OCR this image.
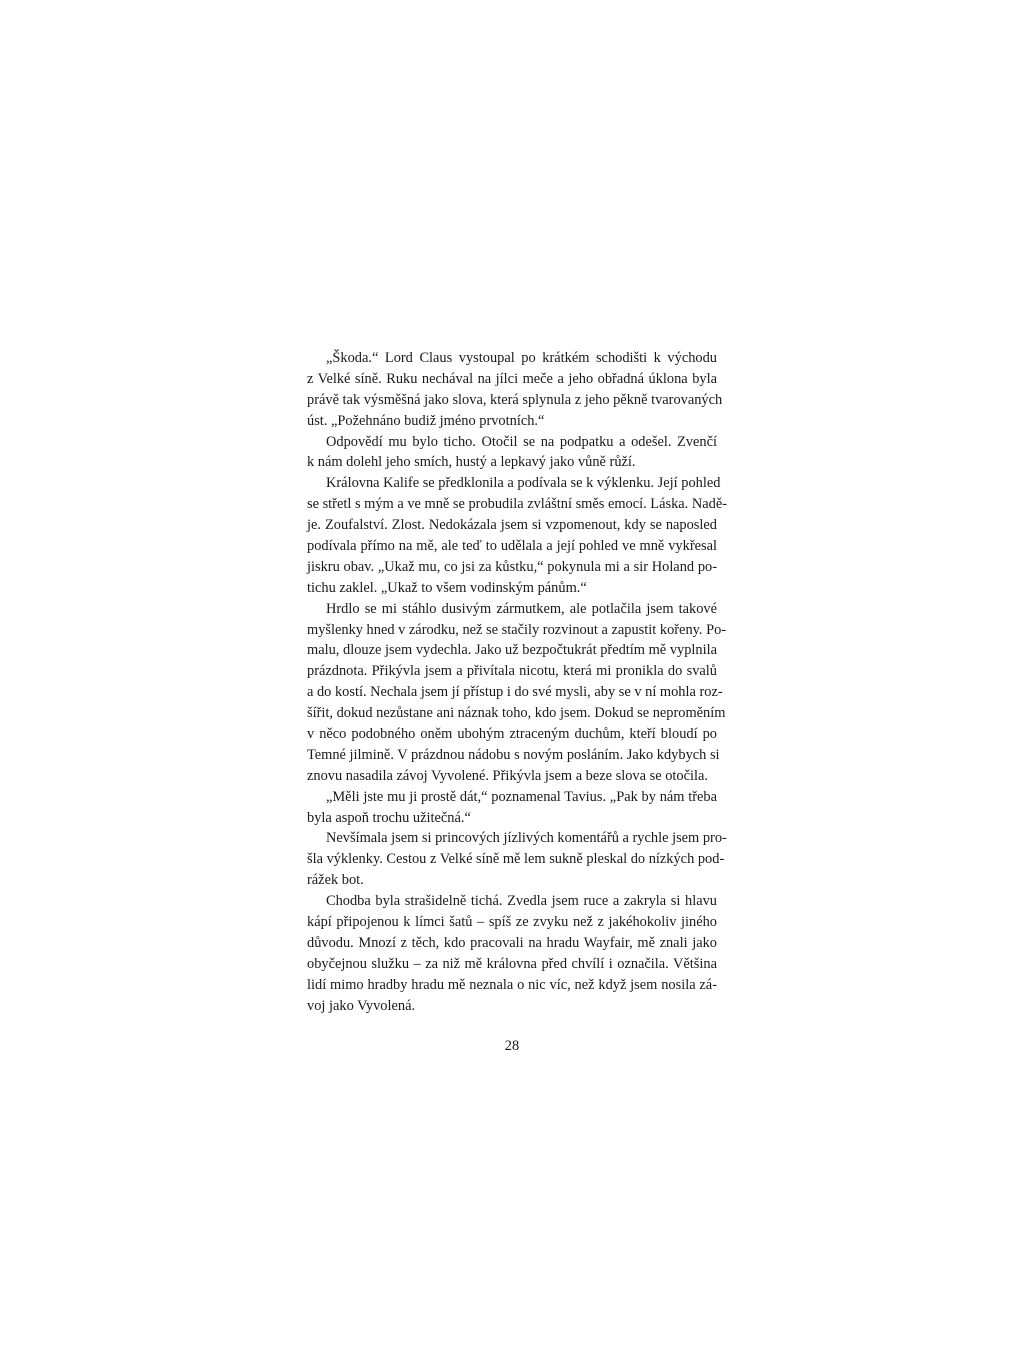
„Škoda.“ Lord Claus vystoupal po krátkém schodišti k východu
z Velké síně. Ruku nechával na jílci meče a jeho obřadná úklona byla
právě tak výsměšná jako slova, která splynula z jeho pěkně tvarovaných
úst. „Požehnáno budiž jméno prvotních.“
Odpovědí mu bylo ticho. Otočil se na podpatku a odešel. Zvenčí
k nám dolehl jeho smích, hustý a lepkavý jako vůně růží.
Královna Kalife se předklonila a podívala se k výklenku. Její pohled
se střetl s mým a ve mně se probudila zvláštní směs emocí. Láska. Nadě-
je. Zoufalství. Zlost. Nedokázala jsem si vzpomenout, kdy se naposled
podívala přímo na mě, ale teď to udělala a její pohled ve mně vykřesal
jiskru obav. „Ukaž mu, co jsi za kůstku,“ pokynula mi a sir Holand po-
tichu zaklel. „Ukaž to všem vodinským pánům.“
Hrdlo se mi stáhlo dusivým zármutkem, ale potlačila jsem takové
myšlenky hned v zárodku, než se stačily rozvinout a zapustit kořeny. Po-
malu, dlouze jsem vydechla. Jako už bezpočtukrát předtím mě vyplnila
prázdnota. Přikývla jsem a přivítala nicotu, která mi pronikla do svalů
a do kostí. Nechala jsem jí přístup i do své mysli, aby se v ní mohla roz-
šířit, dokud nezůstane ani náznak toho, kdo jsem. Dokud se neproměním
v něco podobného oněm ubohým ztraceným duchům, kteří bloudí po
Temné jilmině. V prázdnou nádobu s novým posláním. Jako kdybych si
znovu nasadila závoj Vyvolené. Přikývla jsem a beze slova se otočila.
„Měli jste mu ji prostě dát,“ poznamenal Tavius. „Pak by nám třeba
byla aspoň trochu užitečná.“
Nevšímala jsem si princových jízlivých komentářů a rychle jsem pro-
šla výklenky. Cestou z Velké síně mě lem sukně pleskal do nízkých pod-
rážek bot.
Chodba byla strašidelně tichá. Zvedla jsem ruce a zakryla si hlavu
kápí připojenou k límci šatů – spíš ze zvyku než z jakéhokoliv jiného
důvodu. Mnozí z těch, kdo pracovali na hradu Wayfair, mě znali jako
obyčejnou služku – za niž mě královna před chvílí i označila. Většina
lidí mimo hradby hradu mě neznala o nic víc, než když jsem nosila zá-
voj jako Vyvolená.
28
